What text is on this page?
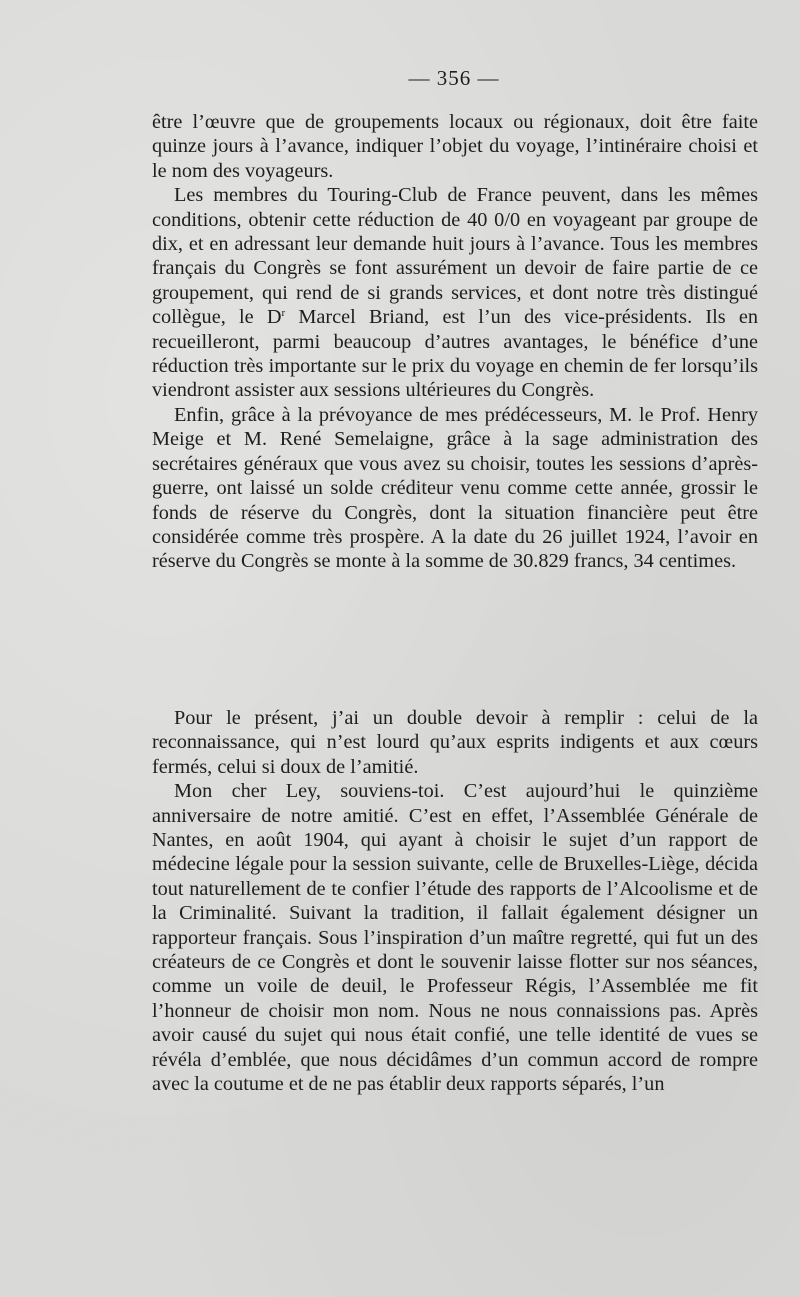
— 356 —

être l’œuvre que de groupements locaux ou régionaux, doit être faite quinze jours à l’avance, indiquer l’objet du voyage, l’intinéraire choisi et le nom des voyageurs.

Les membres du Touring-Club de France peuvent, dans les mêmes conditions, obtenir cette réduction de 40 0/0 en voyageant par groupe de dix, et en adressant leur demande huit jours à l’avance. Tous les membres français du Congrès se font assurément un devoir de faire partie de ce groupement, qui rend de si grands services, et dont notre très distingué collègue, le $D^r$ Marcel Briand, est l’un des vice-présidents. Ils en recueilleront, parmi beaucoup d’autres avantages, le bénéfice d’une réduction très importante sur le prix du voyage en chemin de fer lorsqu’ils viendront assister aux sessions ultérieures du Congrès.

Enfin, grâce à la prévoyance de mes prédécesseurs, M. le Prof. Henry Meige et M. René Semelaigne, grâce à la sage administration des secrétaires généraux que vous avez su choisir, toutes les sessions d’après-guerre, ont laissé un solde créditeur venu comme cette année, grossir le fonds de réserve du Congrès, dont la situation financière peut être considérée comme très prospère. A la date du 26 juillet 1924, l’avoir en réserve du Congrès se monte à la somme de 30.829 francs, 34 centimes.

Pour le présent, j’ai un double devoir à remplir : celui de la reconnaissance, qui n’est lourd qu’aux esprits indigents et aux cœurs fermés, celui si doux de l’amitié.

Mon cher Ley, souviens-toi. C’est aujourd’hui le quinzième anniversaire de notre amitié. C’est en effet, l’Assemblée Générale de Nantes, en août 1904, qui ayant à choisir le sujet d’un rapport de médecine légale pour la session suivante, celle de Bruxelles-Liège, décida tout naturellement de te confier l’étude des rapports de l’Alcoolisme et de la Criminalité. Suivant la tradition, il fallait également désigner un rapporteur français. Sous l’inspiration d’un maître regretté, qui fut un des créateurs de ce Congrès et dont le souvenir laisse flotter sur nos séances, comme un voile de deuil, le Professeur Régis, l’Assemblée me fit l’honneur de choisir mon nom. Nous ne nous connaissions pas. Après avoir causé du sujet qui nous était confié, une telle identité de vues se révéla d’emblée, que nous décidâmes d’un commun accord de rompre avec la coutume et de ne pas établir deux rapports séparés, l’un
